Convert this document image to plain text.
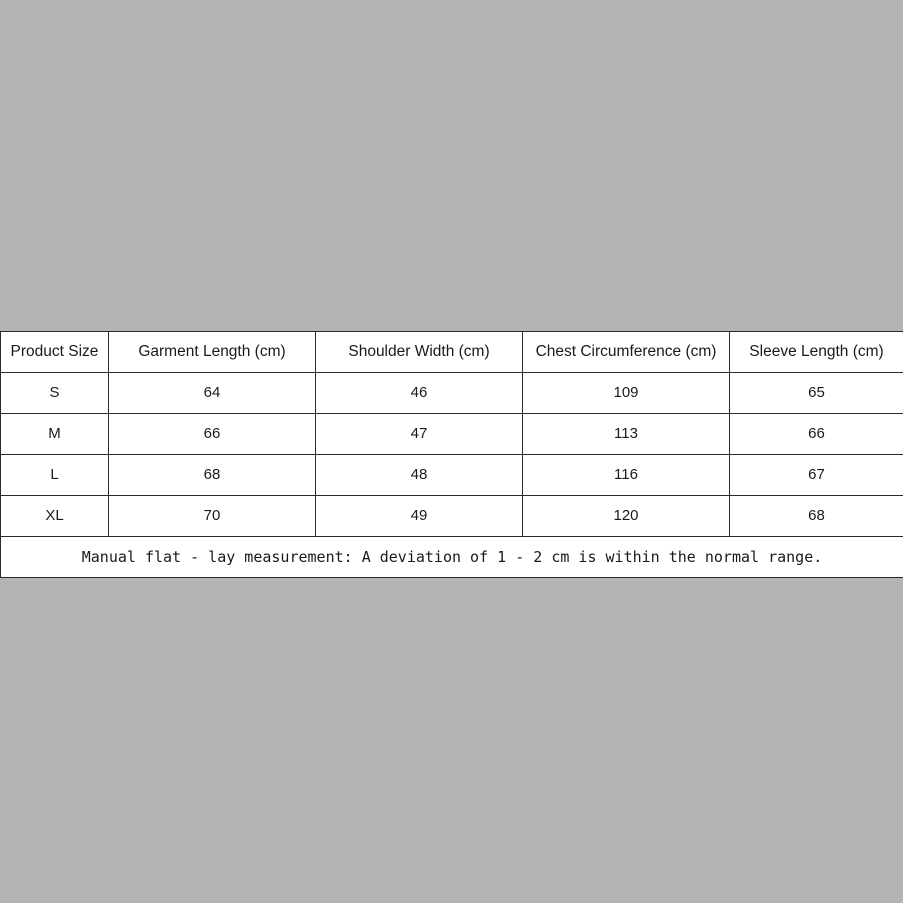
Product Size	Garment Length (cm)	Shoulder Width (cm)	Chest Circumference (cm)	Sleeve Length (cm)
S	64	46	109	65
M	66	47	113	66
L	68	48	116	67
XL	70	49	120	68
Manual flat - lay measurement: A deviation of 1 - 2 cm is within the normal range.				
